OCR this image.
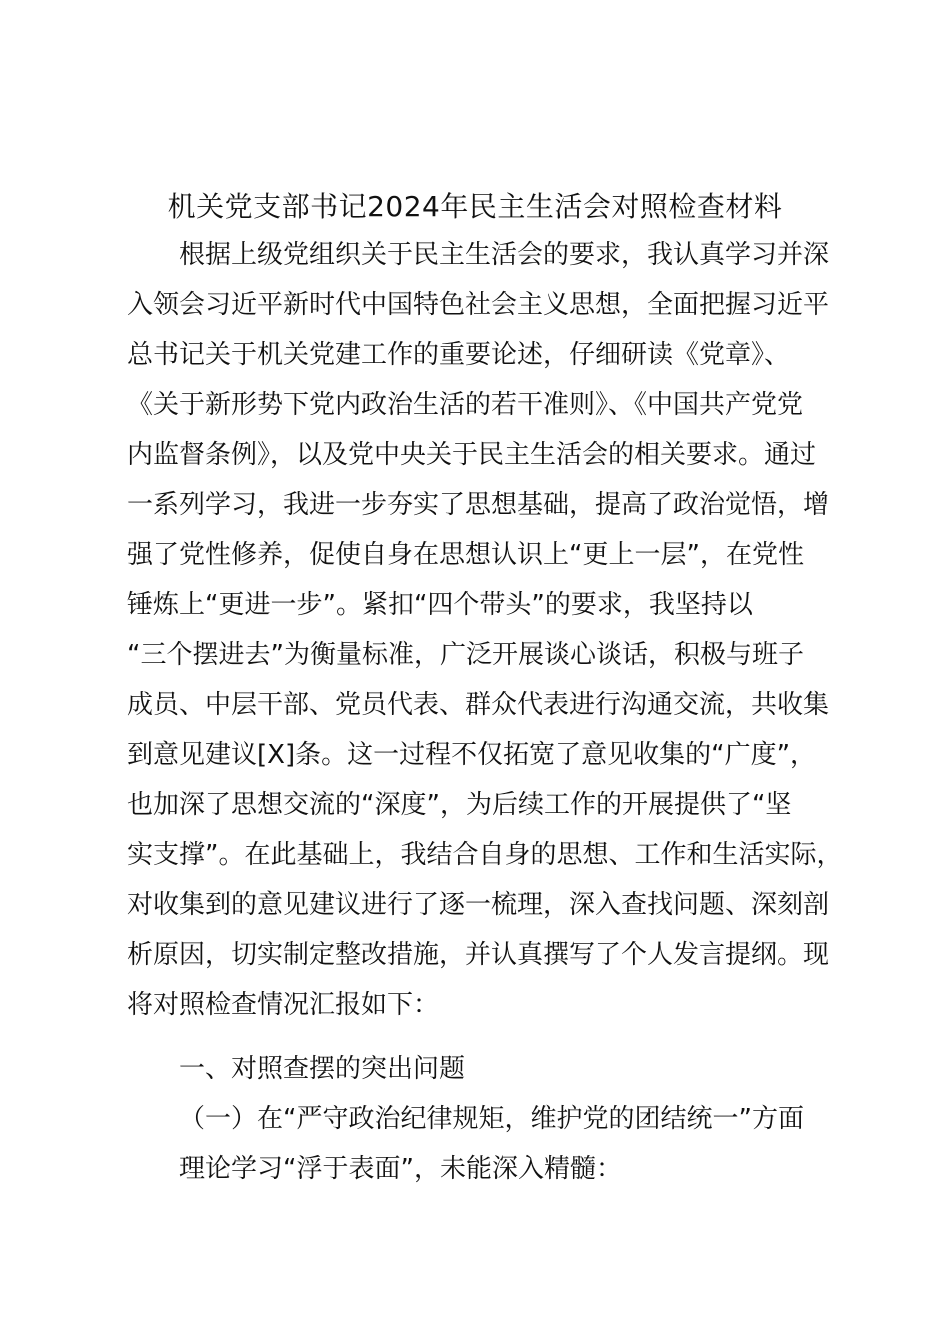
机关党支部书记2024年民主生活会对照检查材料
根据上级党组织关于民主生活会的要求，我认真学习并深
入领会习近平新时代中国特色社会主义思想，全面把握习近平
总书记关于机关党建工作的重要论述，仔细研读《党章》、
《关于新形势下党内政治生活的若干准则》、《中国共产党党
内监督条例》，以及党中央关于民主生活会的相关要求。通过
一系列学习，我进一步夯实了思想基础，提高了政治觉悟，增
强了党性修养，促使自身在思想认识上“更上一层”，在党性
锤炼上“更进一步”。紧扣“四个带头”的要求，我坚持以
“三个摆进去”为衡量标准，广泛开展谈心谈话，积极与班子
成员、中层干部、党员代表、群众代表进行沟通交流，共收集
到意见建议[X]条。这一过程不仅拓宽了意见收集的“广度”，
也加深了思想交流的“深度”，为后续工作的开展提供了“坚
实支撑”。在此基础上，我结合自身的思想、工作和生活实际，
对收集到的意见建议进行了逐一梳理，深入查找问题、深刻剖
析原因，切实制定整改措施，并认真撰写了个人发言提纲。现
将对照检查情况汇报如下：
一、对照查摆的突出问题
（一）在“严守政治纪律规矩，维护党的团结统一”方面
理论学习“浮于表面”，未能深入精髓：
